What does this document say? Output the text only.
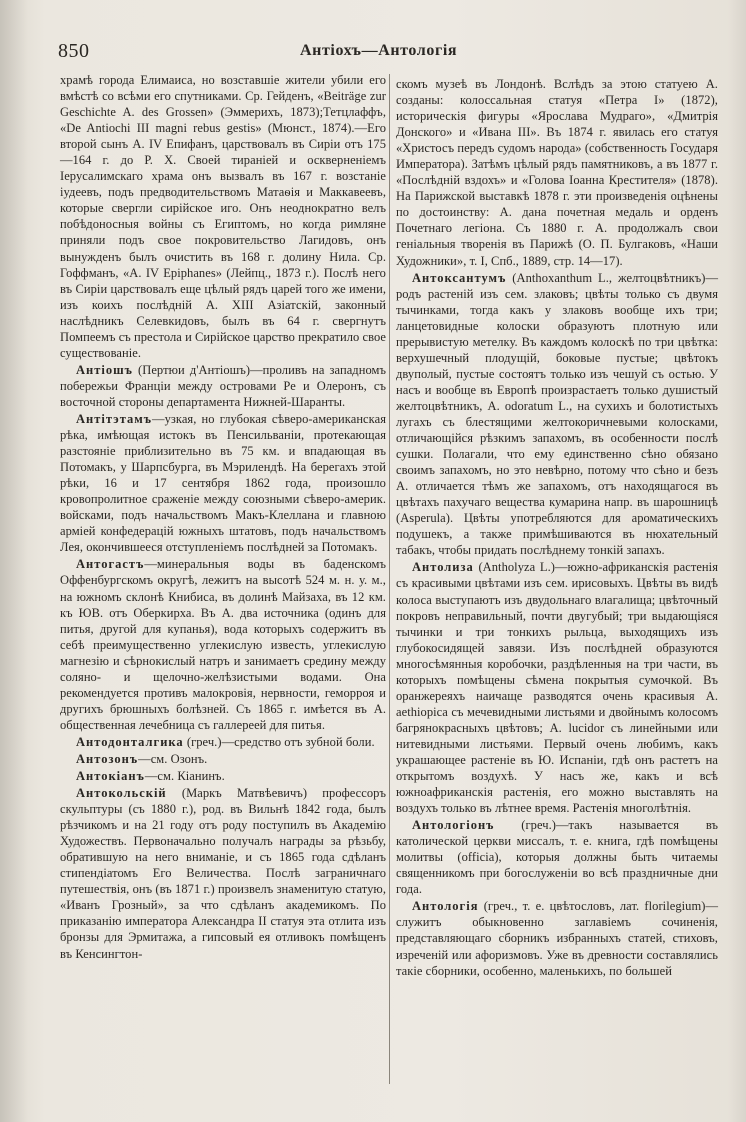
850	Антіохъ—Антологія

храмѣ города Елимаиса, но возставшіе жители убили его вмѣстѣ со всѣми его спутниками. Ср. Гейденъ, «Beiträge zur Geschichte A. des Grossen» (Эммерихъ, 1873);Тетцлаффъ, «De Antiochi III magni rebus gestis» (Мюнст., 1874).—Его второй сынъ А. IV Епифанъ, царствовалъ въ Сиріи отъ 175—164 г. до Р. Х. Своей тираніей и оскверненіемъ Іерусалимскаго храма онъ вызвалъ въ 167 г. возстаніе іудеевъ, подъ предводительствомъ Матаѳія и Маккавеевъ, которые свергли сирійское иго. Онъ неоднократно велъ побѣдоносныя войны съ Египтомъ, но когда римляне приняли подъ свое покровительство Лагидовъ, онъ вынужденъ былъ очистить въ 168 г. долину Нила. Ср. Гоффманъ, «A. IV Epiphanes» (Лейпц., 1873 г.). Послѣ него въ Сиріи царствовалъ еще цѣлый рядъ царей того же имени, изъ коихъ послѣдній А. XIII Азіатскій, законный наслѣдникъ Селевкидовъ, былъ въ 64 г. свергнутъ Помпеемъ съ престола и Сирійское царство прекратило свое существованіе.

Антіошъ (Пертюи д'Антіошъ)—проливъ на западномъ побережьи Франціи между островами Ре и Олеронъ, съ восточной стороны департамента Нижней-Шаранты.

Антітэтамъ—узкая, но глубокая сѣверо-американская рѣка, имѣющая истокъ въ Пенсильваніи, протекающая разстояніе приблизительно въ 75 км. и впадающая въ Потомакъ, у Шарпсбурга, въ Мэрилендѣ. На берегахъ этой рѣки, 16 и 17 сентября 1862 года, произошло кровопролитное сраженіе между союзными сѣверо-америк. войсками, подъ начальствомъ Макъ-Клеллана и главною арміей конфедерацій южныхъ штатовъ, подъ начальствомъ Лея, окончившееся отступленіемъ послѣдней за Потомакъ.

Антогастъ—минеральныя воды въ баденскомъ Оффенбургскомъ округѣ, лежитъ на высотѣ 524 м. н. у. м., на южномъ склонѣ Книбиса, въ долинѣ Майзаха, въ 12 км. къ ЮВ. отъ Оберкирха. Въ А. два источника (одинъ для питья, другой для купанья), вода которыхъ содержитъ въ себѣ преимущественно углекислую известь, углекислую магнезію и сѣрнокислый натръ и занимаетъ средину между соляно- и щелочно-желѣзистыми водами. Она рекомендуется противъ малокровія, нервности, геморроя и другихъ брюшныхъ болѣзней. Съ 1865 г. имѣется въ А. общественная лечебница съ галлереей для питья.

Антодонталгика (греч.)—средство отъ зубной боли.

Антозонъ—см. Озонъ.

Антокіанъ—см. Кіанинъ.

Антокольскій (Маркъ Матвѣевичъ) профессоръ скульптуры (съ 1880 г.), род. въ Вильнѣ 1842 года, былъ рѣзчикомъ и на 21 году отъ роду поступилъ въ Академію Художествъ. Первоначально получалъ награды за рѣзьбу, обратившую на него вниманіе, и съ 1865 года сдѣланъ стипендіатомъ Его Величества. Послѣ заграничнаго путешествія, онъ (въ 1871 г.) произвелъ знаменитую статую, «Иванъ Грозный», за что сдѣланъ академикомъ. По приказанію императора Александра II статуя эта отлита изъ бронзы для Эрмитажа, а гипсовый ея отливокъ помѣщенъ въ Кенсингтон-

скомъ музеѣ въ Лондонѣ. Вслѣдъ за этою статуею А. созданы: колоссальная статуя «Петра I» (1872), историческія фигуры «Ярослава Мудраго», «Дмитрія Донского» и «Ивана III». Въ 1874 г. явилась его статуя «Христосъ передъ судомъ народа» (собственность Государя Императора). Затѣмъ цѣлый рядъ памятниковъ, а въ 1877 г. «Послѣдній вздохъ» и «Голова Іоанна Крестителя» (1878). На Парижской выставкѣ 1878 г. эти произведенія оцѣнены по достоинству: А. дана почетная медаль и орденъ Почетнаго легіона. Съ 1880 г. А. продолжалъ свои геніальныя творенія въ Парижѣ (О. П. Булгаковъ, «Наши Художники», т. I, Спб., 1889, стр. 14—17).

Антоксантумъ (Anthoxanthum L., желтоцвѣтникъ)—родъ растеній изъ сем. злаковъ; цвѣты только съ двумя тычинками, тогда какъ у злаковъ вообще ихъ три; ланцетовидные колоски образуютъ плотную или прерывистую метелку. Въ каждомъ колоскѣ по три цвѣтка: верхушечный плодущій, боковые пустые; цвѣтокъ двуполый, пустые состоятъ только изъ чешуй съ остью. У насъ и вообще въ Европѣ произрастаетъ только душистый желтоцвѣтникъ, А. odoratum L., на сухихъ и болотистыхъ лугахъ съ блестящими желтокоричневыми колосками, отличающійся рѣзкимъ запахомъ, въ особенности послѣ сушки. Полагали, что ему единственно сѣно обязано своимъ запахомъ, но это невѣрно, потому что сѣно и безъ А. отличается тѣмъ же запахомъ, отъ находящагося въ цвѣтахъ пахучаго вещества кумарина напр. въ шарошницѣ (Asperula). Цвѣты употребляются для ароматическихъ подушекъ, а также примѣшиваются въ нюхательный табакъ, чтобы придать послѣднему тонкій запахъ.

Антолиза (Antholyza L.)—южно-африканскія растенія съ красивыми цвѣтами изъ сем. ирисовыхъ. Цвѣты въ видѣ колоса выступаютъ изъ двудольнаго влагалища; цвѣточный покровъ неправильный, почти двугубый; три выдающіяся тычинки и три тонкихъ рыльца, выходящихъ изъ глубокосидящей завязи. Изъ послѣдней образуются многосѣмянныя коробочки, раздѣленныя на три части, въ которыхъ помѣщены сѣмена покрытыя сумочкой. Въ оранжереяхъ наичаще разводятся очень красивыя А. aethiopica съ мечевидными листьями и двойнымъ колосомъ багрянокрасныхъ цвѣтовъ; А. lucidor съ линейными или нитевидными листьями. Первый очень любимъ, какъ украшающее растеніе въ Ю. Испаніи, гдѣ онъ растетъ на открытомъ воздухѣ. У насъ же, какъ и всѣ южноафриканскія растенія, его можно выставлять на воздухъ только въ лѣтнее время. Растенія многолѣтнія.

Антологіонъ (греч.)—такъ называется въ католической церкви миссалъ, т. е. книга, гдѣ помѣщены молитвы (officia), которыя должны быть читаемы священникомъ при богослуженіи во всѣ праздничные дни года.

Антологія (греч., т. е. цвѣтословъ, лат. florilegium)— служитъ обыкновенно заглавіемъ сочиненія, представляющаго сборникъ избранныхъ статей, стиховъ, изреченій или афоризмовъ. Уже въ древности составлялись такіе сборники, особенно, маленькихъ, по большей
